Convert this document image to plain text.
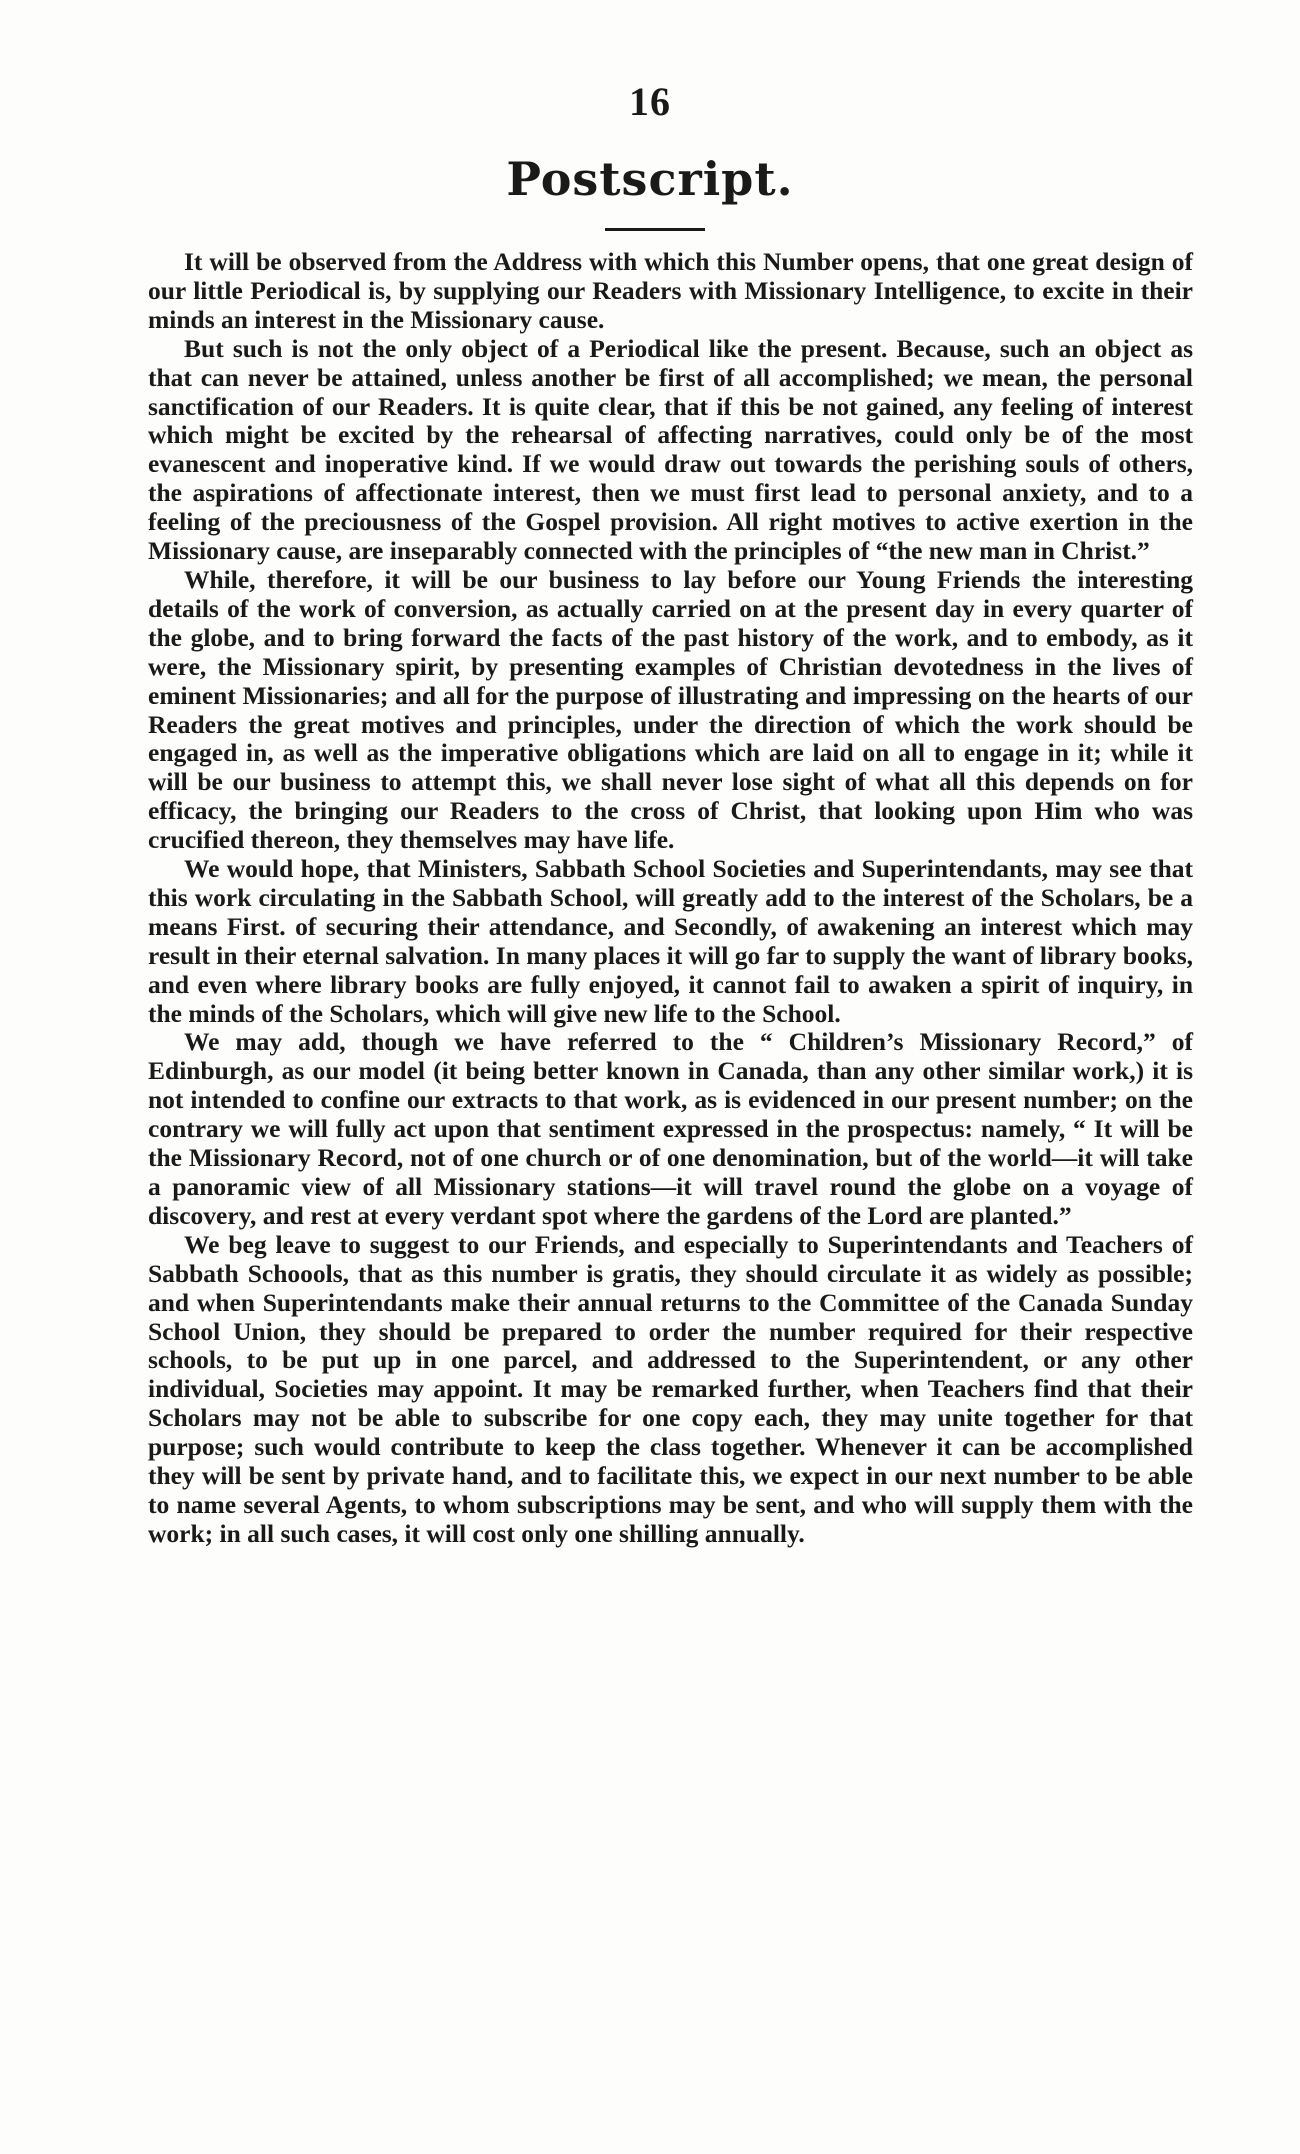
16
Postscript.

It will be observed from the Address with which this Number opens, that one great design of our little Periodical is, by supplying our Readers with Missionary Intelligence, to excite in their minds an interest in the Missionary cause.

But such is not the only object of a Periodical like the present. Because, such an object as that can never be attained, unless another be first of all accomplished; we mean, the personal sanctification of our Readers. It is quite clear, that if this be not gained, any feeling of interest which might be excited by the rehearsal of affecting narratives, could only be of the most evanescent and inoperative kind. If we would draw out towards the perishing souls of others, the aspirations of affectionate interest, then we must first lead to personal anxiety, and to a feeling of the preciousness of the Gospel provision. All right motives to active exertion in the Missionary cause, are inseparably connected with the principles of “the new man in Christ.”

While, therefore, it will be our business to lay before our Young Friends the interesting details of the work of conversion, as actually carried on at the present day in every quarter of the globe, and to bring forward the facts of the past history of the work, and to embody, as it were, the Missionary spirit, by presenting examples of Christian devotedness in the lives of eminent Missionaries; and all for the purpose of illustrating and impressing on the hearts of our Readers the great motives and principles, under the direction of which the work should be engaged in, as well as the imperative obligations which are laid on all to engage in it; while it will be our business to attempt this, we shall never lose sight of what all this depends on for efficacy, the bringing our Readers to the cross of Christ, that looking upon Him who was crucified thereon, they themselves may have life.

We would hope, that Ministers, Sabbath School Societies and Superintendants, may see that this work circulating in the Sabbath School, will greatly add to the interest of the Scholars, be a means First. of securing their attendance, and Secondly, of awakening an interest which may result in their eternal salvation. In many places it will go far to supply the want of library books, and even where library books are fully enjoyed, it cannot fail to awaken a spirit of inquiry, in the minds of the Scholars, which will give new life to the School.

We may add, though we have referred to the “ Children’s Missionary Record,” of Edinburgh, as our model (it being better known in Canada, than any other similar work,) it is not intended to confine our extracts to that work, as is evidenced in our present number; on the contrary we will fully act upon that sentiment expressed in the prospectus: namely, “ It will be the Missionary Record, not of one church or of one denomination, but of the world—it will take a panoramic view of all Missionary stations—it will travel round the globe on a voyage of discovery, and rest at every verdant spot where the gardens of the Lord are planted.”

We beg leave to suggest to our Friends, and especially to Superintendants and Teachers of Sabbath Schoools, that as this number is gratis, they should circulate it as widely as possible; and when Superintendants make their annual returns to the Committee of the Canada Sunday School Union, they should be prepared to order the number required for their respective schools, to be put up in one parcel, and addressed to the Superintendent, or any other individual, Societies may appoint. It may be remarked further, when Teachers find that their Scholars may not be able to subscribe for one copy each, they may unite together for that purpose; such would contribute to keep the class together. Whenever it can be accomplished they will be sent by private hand, and to facilitate this, we expect in our next number to be able to name several Agents, to whom subscriptions may be sent, and who will supply them with the work; in all such cases, it will cost only one shilling annually.
